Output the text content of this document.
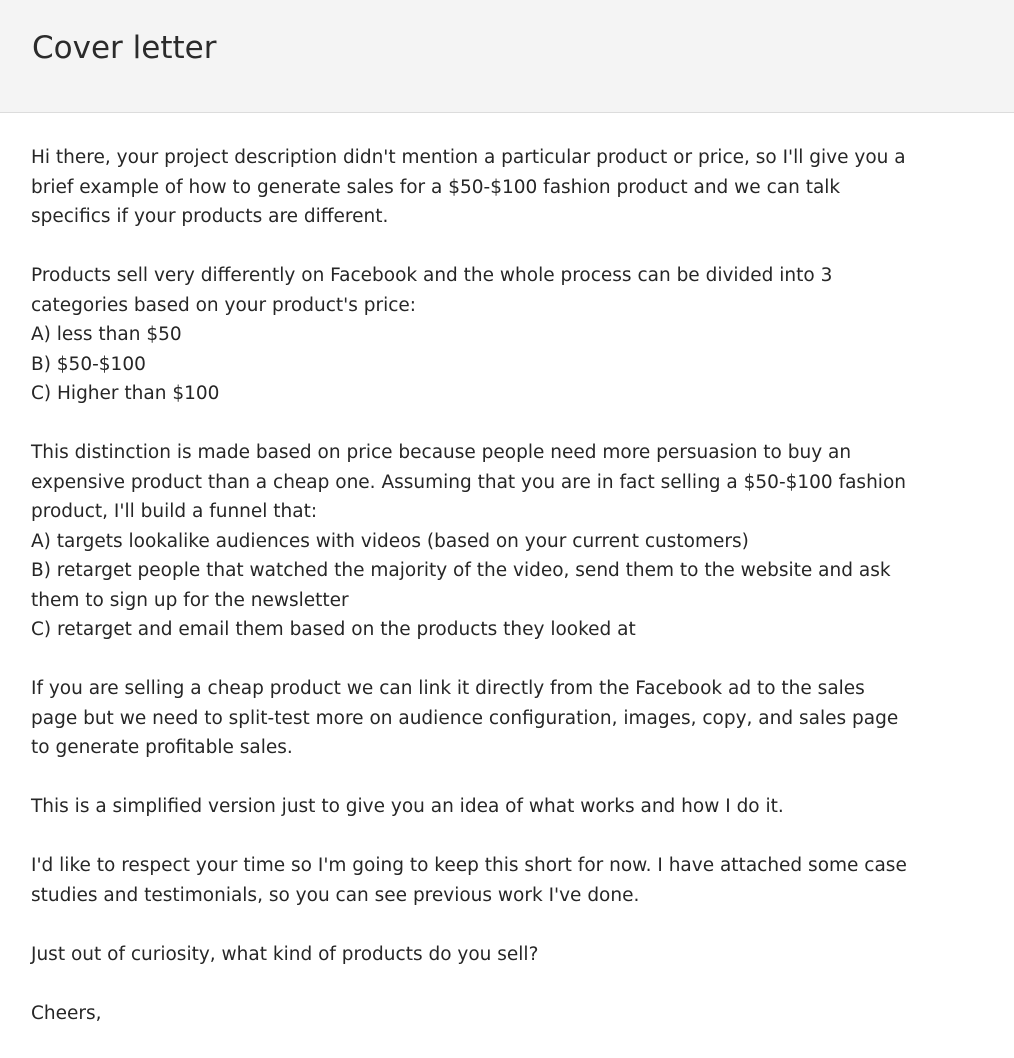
Cover letter

Hi there, your project description didn't mention a particular product or price, so I'll give you a
brief example of how to generate sales for a $50-$100 fashion product and we can talk
specifics if your products are different.

Products sell very differently on Facebook and the whole process can be divided into 3
categories based on your product's price:
A) less than $50
B) $50-$100
C) Higher than $100

This distinction is made based on price because people need more persuasion to buy an
expensive product than a cheap one. Assuming that you are in fact selling a $50-$100 fashion
product, I'll build a funnel that:
A) targets lookalike audiences with videos (based on your current customers)
B) retarget people that watched the majority of the video, send them to the website and ask
them to sign up for the newsletter
C) retarget and email them based on the products they looked at

If you are selling a cheap product we can link it directly from the Facebook ad to the sales
page but we need to split-test more on audience configuration, images, copy, and sales page
to generate profitable sales.

This is a simplified version just to give you an idea of what works and how I do it.

I'd like to respect your time so I'm going to keep this short for now. I have attached some case
studies and testimonials, so you can see previous work I've done.

Just out of curiosity, what kind of products do you sell?

Cheers,
